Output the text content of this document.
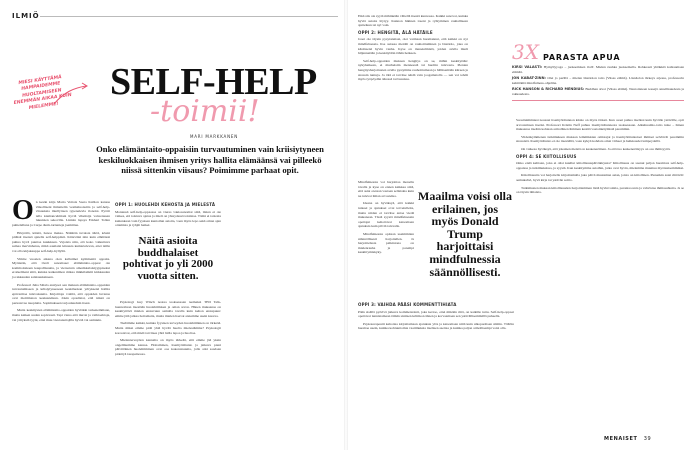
ILMIÖ
SELF-HELP
-toimii!
MARI MARKKANEN
MIESI KÄYTTÄMÄ HAMPAIDEMME HUOLTAMISEEN ENEMMÄN AIKAA KUIN MIELEMME!
Onko elämäntaito-oppaisiin turvautuminen vain kriisiytyneen keskiluokkaisen ihmisen yritys hallita elämäänsä vai pilleekö niissä sittenkin viisaus? Poimimme parhaat opit.

On kesän kirja Maria Veitola Saara Kallion kanssa viikolliseni ihmettelin vesmaluonsitta ja self-help-viisauksia miellytteen rypenelevia ilonoisi. Pyörit tella kiemancelmiani hyviä viheitsija vaiwenusan lukuisien sekoville. Lisäsin lapsya Erkhart Tollen puhtelelluna ja Carpe diem-tartunteja jaamittua.

Hörpöilö, kärsiä, hanoa maksa. Näinhän tuvaista äärtä, kösnä pitäisit itsensä ajatella self-helppiisti. Kittevälei niin kuin elämässä puhua hyvä puuttaa kuukkaan. Vajoista niin, etä koko vaikuttuva samaa mervinhatua, mikä aautiaisi kituusta kumartelevan, ettei niille voi olla kirjakauppa self-help-hyllyltä.

Vitime vuosien aikana olen kallutmet kymmeniä oppaita. Myönnän, että tivelt sanomaset elämäntaito-oppaat ole kommottakaan kaupallisuutta, ja vieraaturn amerikkalaisiyyppiseksi erotkelmani siitä, kuinka kaikenimon mikaa mikkilammi kirkkauden ja rakkauden salaisuuksineen.

Professori Juha Siltala analysoi sen maksan elämäntaito-oppaiden turvautumiseen ja kriisiytyneeseen keskiluokan yrityksenä hallita epävarmaa tulevaisuutta. Kirjoittaja voittiä, että oppaiden luvansa ovat moitimaton keskusteluun. Jokin opaslistat, että niissä on perustavaa nuopiutta. Sopimukseen tarjoutuuduin itsesi.

Mutta keskitysten elämäntaito-oppaiden hyviäkin tarkenemmaan, mutta kaiken uuden sopivaasti. Tepi vieno että iturrat ja vaihtoehtoja, vai yrityksiä tyyni, ettei muu viestonuttajilla hyvää vai samakin.

OPPI 1: HUOLEHDI KEHOSTA JA MIELESTÄ

Moniessä self-help-oppaassa on vieras vakiosanomat siitä, miten ei ole vaikea, etä toistuva ajatus ja mieli on yhteydessä toisiinsa. Tämä ei tarkoita kuitenkaan vain fyysisen kuntoilun asioita, vaan myös lepo sekä oman ajan ottamista ja tyhjät hetket.

Näitä asioita buddhalaiset pohtivat jo yli 2000 vuotta sitten.

Psykologi Guy Winch nostaa teoksessaan teemaksi TED Talk-luennollaan itsestään huolehtimisen ja oman arvon. Hänen mukaansa on keskityttävä mielen ensiavuun samalla tavalla kuin kehon ensiapuun: emme jätä jalkaa hoitamatta, mutta mielen haavat annamme usein kasvaa.

Tiedämme kaikki, kuinka fyysisen terveyden huolehtiminen on tärkeää. Mutta miksi emme pidä yhtä hyvää huolta mielestämme? Psykologit korostavat, että mieli tarvitsee yhtä lailla lepoa ja huoltoa.

Mielenterveyden kannalta on myös tärkeää, että emme jää yksin ongelmiemme kanssa. Hoitaminen, itsemyötätunto ja jatkuva pieni päivittäinen huolehtiminen ovat osa kokonaisuutta, jolla arki saadaan pidettyä tasapainossa.

Eikä siis ole syytä mihinkään vältellä itsestä kunnossa. Kaikki sanovat, kuinka hyviä asioita löytyy. Kunnon hikinen treeni ja ryhtyminen rauhalliseen ajatteluun tai nyt vain.

OPPI 2: HENGITÄ, ÄLÄ HÄTÄILE

Joset ole täysin pysytatuttasi, olet varmaan huomannut, että kaikki on nyt mindfulnessia. Itse asiassa meidät on rauhoittuminen ja läsnäolo, joka on käsitteenä hyvin vanha. Kyse on menetelmistä, joiden avulla mieli hiljennetään ja keskitytään tähän hetkeen.

Self-help-oppaiden mukaan hengitys on se, mihin keskitytään: nykyhetkeen, ei murheisiin menneestä tai huoliin tulevasta. Pienten hengitysharjoitusten avulla pystymme rauhoittumaan ja hillitsemään kiireen ja stressin tuntuja. Ja tätä ei tarvitse tehdä vain joogamatolla — sen voi tehdä myös työpöydän ääressä tai bussissa.

Mindfulnessia voi harjoittaa monella tavalla ja kyse on ennen kaikkea siitä, että asiat otetaan vastaan sellaisina kuin ne tulevat ilman arvostelua.

Ideana on hyväksyä, että kaikki tunteet ja ajatukset ovat tervetulleita, mutta niiden ei tarvitse antaa viedä mukanaan. Tästä syystä mindfulnessin opettajat kehottavat katsomaan ajatuksia kuin pilviä taivaalla.

Mindfulnessia opitaan useimmiten säännöllisesti harjoitellen. Ja harjoittelusta palkintona on mielenrauha ja parempi keskittymiskyky.

Maailma voisi olla erilainen, jos myös Donald Trump harjoittaisi mindfulnessia säännöllisesti.
OPPI 3: VAIHDA PÄÄSI KOMMENTTIHIATA

Pään sisällä pyörivä jatkuva kommentointi, joka kertoo, ettei mikään riitä, on kaikille tuttu. Self-help-oppaat opettavat tunnistamaan tämän sisäisen kriitikon äänen ja korvaamaan sen ystävällisemmällä puheella.

Psykoterapeutti kehottaa kirjoittamaan ajatuksia ylös ja katsomaan niitä kuin ulkopuolisen silmin. Tällöin huomaa usein, kuinka kohtuuttomia vaatimuksia itselleen asettaa ja kuinka paljon armollisempi voisi olla.

3X PARASTA APUA
KIRSI VALASTI: Hymyilyyoga – juoksemisen iloiT. Mielen ruuhka juoksemalla. Rohkeasti yhtäkkiä kohtaamaan elämää.
JON KABAT-ZINN: Olet jo perillä – mielen läsnäolon taito (Viisas elämä). Läsnäolon tärkeys arjessa, professorin kehittämä mindfulness-ohjelma.
RICK HANSON & RICHARD MENDIUS: Buddhan aivot (Viisas elämä). Neurotieteen teesejä onnellisuudesta ja rakkaudesta.

Suosituimmaksi noussut itsemyötätunnon käsite on myös tärkeä. Kun osaat puhua itsellesi kuin hyvälle ystävälle, opit arvostamaan itseäsi. Professori Kristin Neff puhuu itsemyötätunnosta teoksessaan. Alkuhuomio-taito tulee – hänen mukaansa itseään kohtaan armollinen ihminen kestää vastoinkäymisiä paremmin.

Viidenkymmenen tutkimuksen mukaan lemmikkien omistajat ja itsemyötätuntoiset ihmiset selviävät paremmin stressistä. Itsemyötätunto ei ole itsesääliä, vaan kykyä kohdata omat virheet ja heikkoudet lempeydellä.

On vaikeaa hyväksyä, että jokainen meistä on keskeneräinen. Ja että tuo keskeneräisyys on osa ihmisyyttä.

OPPI 4: SE KIITOLLISUUS

Onko enää kelttaan, joka ei olisi kuullut kiitollisuuspäiväkirjasta? Kiitollisuus on saanut paljon huomiota self-help-oppaissa ja tutkimuksissa, ja syystä. Kun keskitymme asioihin, jotka ovat hyvin, mielemme muuttuu myönteisemmäksi.

Kiitollisuutta voi harjoitella kirjoittamalla joka päivä muutaman asian, joista on kiitollinen. Pienetkin asiat riittävät: aamukahvi, hyvä kirja tai ystävän soitto.

Tutkimusten mukaan kiitollisuuden harjoittaminen lisää hyvinvointia, parantaa unta ja vahvistaa ihmissuhteita. Ja se on täysin ilmaista.

MENAISET 39
